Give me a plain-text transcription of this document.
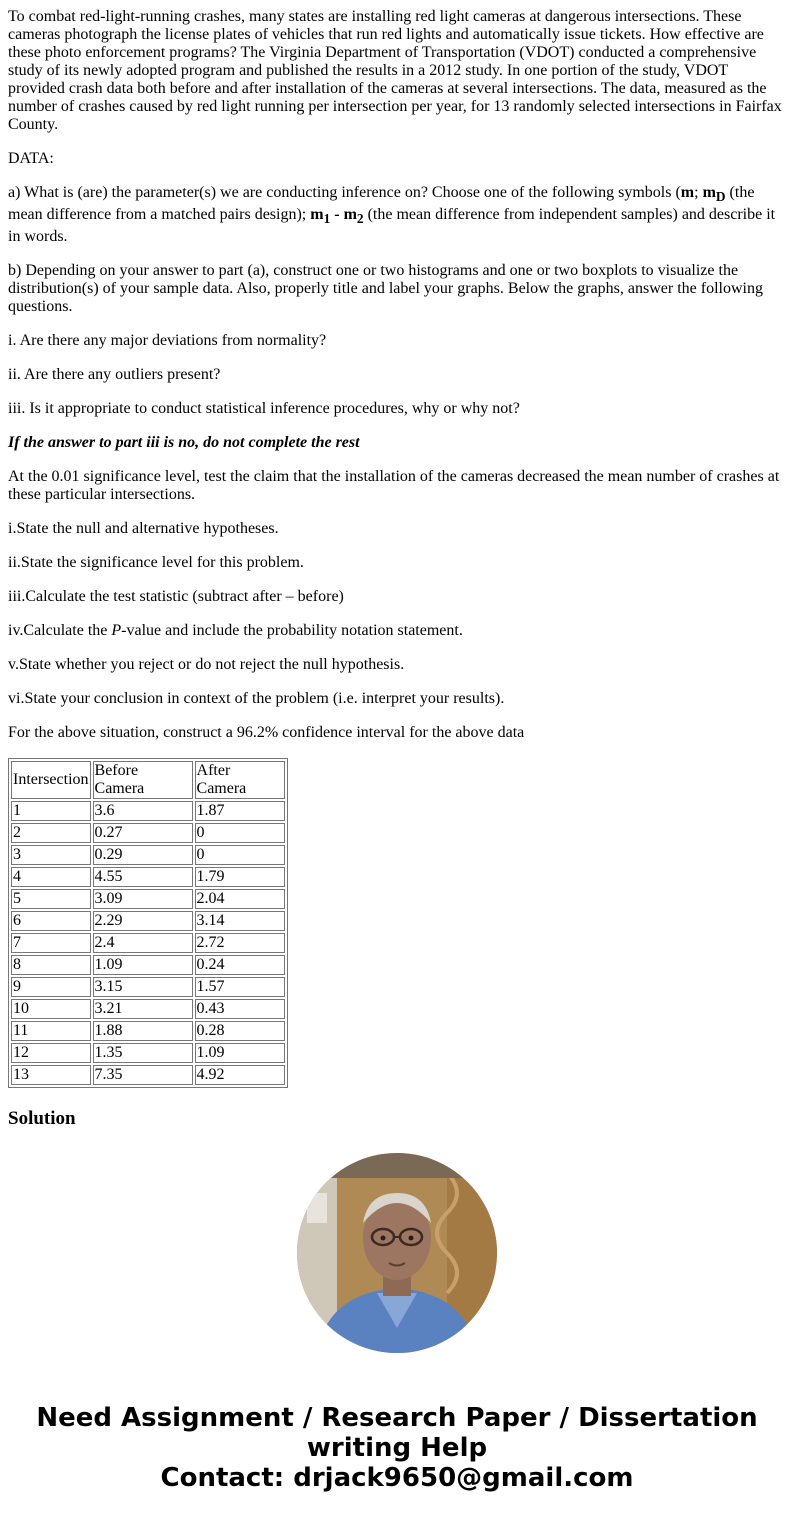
To combat red-light-running crashes, many states are installing red light cameras at dangerous intersections. These cameras photograph the license plates of vehicles that run red lights and automatically issue tickets. How effective are these photo enforcement programs? The Virginia Department of Transportation (VDOT) conducted a comprehensive study of its newly adopted program and published the results in a 2012 study. In one portion of the study, VDOT provided crash data both before and after installation of the cameras at several intersections. The data, measured as the number of crashes caused by red light running per intersection per year, for 13 randomly selected intersections in Fairfax County.

DATA:

a) What is (are) the parameter(s) we are conducting inference on? Choose one of the following symbols (m; $m_D$ (the mean difference from a matched pairs design); $m_1 - m_2$ (the mean difference from independent samples) and describe it in words.

b) Depending on your answer to part (a), construct one or two histograms and one or two boxplots to visualize the distribution(s) of your sample data. Also, properly title and label your graphs. Below the graphs, answer the following questions.

i. Are there any major deviations from normality?

ii. Are there any outliers present?

iii. Is it appropriate to conduct statistical inference procedures, why or why not?

If the answer to part iii is no, do not complete the rest

At the 0.01 significance level, test the claim that the installation of the cameras decreased the mean number of crashes at these particular intersections.

i.State the null and alternative hypotheses.

ii.State the significance level for this problem.

iii.Calculate the test statistic (subtract after – before)

iv.Calculate the P-value and include the probability notation statement.

v.State whether you reject or do not reject the null hypothesis.

vi.State your conclusion in context of the problem (i.e. interpret your results).

For the above situation, construct a 96.2% confidence interval for the above data

Intersection	Before Camera	After Camera
1	3.6	1.87
2	0.27	0
3	0.29	0
4	4.55	1.79
5	3.09	2.04
6	2.29	3.14
7	2.4	2.72
8	1.09	0.24
9	3.15	1.57
10	3.21	0.43
11	1.88	0.28
12	1.35	1.09
13	7.35	4.92
Solution
Need Assignment / Research Paper / Dissertation
writing Help
Contact: drjack9650@gmail.com
